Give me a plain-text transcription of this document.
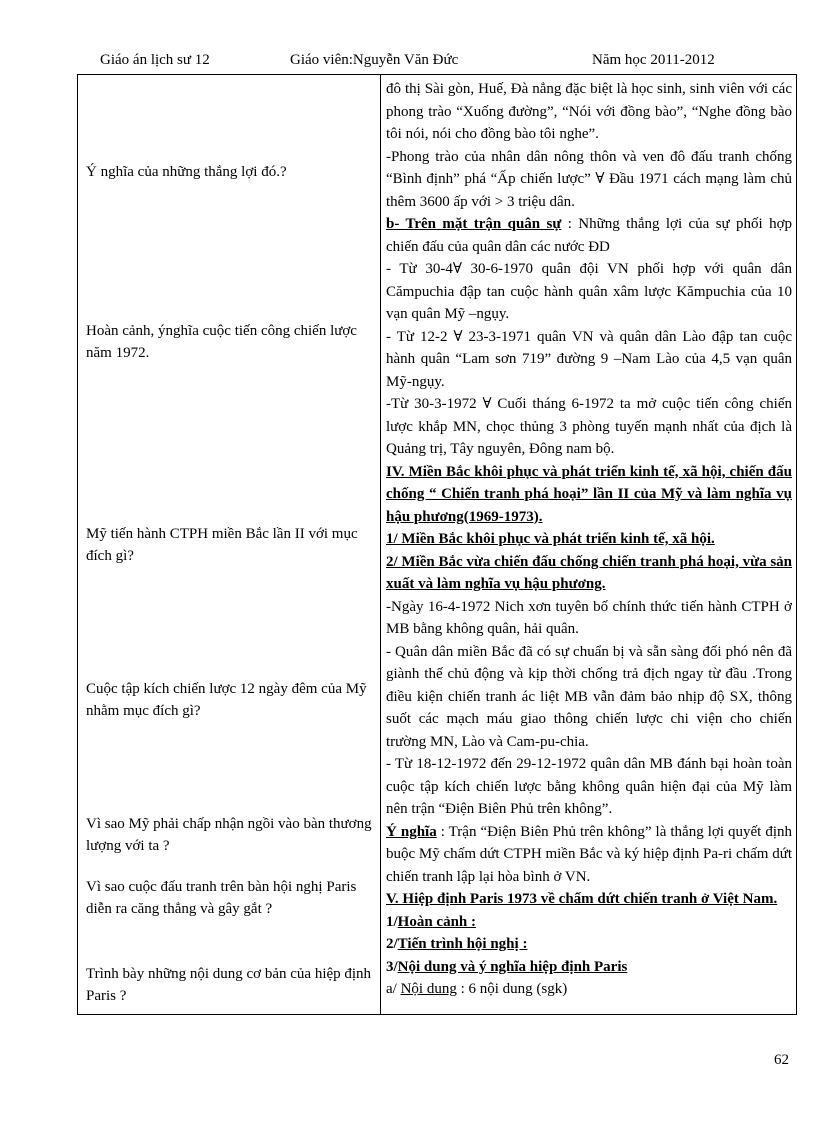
Giáo án lịch sư 12	Giáo viên:Nguyễn Văn Đức	Năm học 2011-2012
Ý nghĩa của những thắng lợi đó.?
Hoàn cảnh, ýnghĩa cuộc tiến công chiến lược năm 1972.
Mỹ tiến hành CTPH miền Bắc lần II với mục đích gì?
Cuộc tập kích chiến lược 12 ngày đêm của Mỹ nhằm mục đích gì?
Vì sao Mỹ phải chấp nhận ngồi vào bàn thương lượng với ta ?
Vì sao cuộc đấu tranh trên bàn hội nghị Paris diễn ra căng thẳng và gây gắt ?
Trình bày những nội dung cơ bản của hiệp định Paris ?

đô thị Sài gòn, Huế, Đà nẳng đặc biệt là học sinh, sinh viên với các phong trào “Xuống đường”, “Nói với đồng bào”, “Nghe đồng bào tôi nói, nói cho đồng bào tôi nghe”.

-Phong trào của nhân dân nông thôn và ven đô đấu tranh chống “Bình định” phá “Ấp chiến lược” ∀ Đầu 1971 cách mạng làm chủ thêm 3600 ấp với > 3 triệu dân.

b- Trên mặt trận quân sự : Những thắng lợi của sự phối hợp chiến đấu của quân dân các nước ĐD

- Từ 30-4∀ 30-6-1970 quân đội VN phối hợp với quân dân Cămpuchia đập tan cuộc hành quân xâm lược Kămpuchia của 10 vạn quân Mỹ –ngụy.

- Từ 12-2 ∀ 23-3-1971 quân VN và quân dân Lào đập tan cuộc hành quân “Lam sơn 719” đường 9 –Nam Lào của 4,5 vạn quân Mỹ-ngụy.

-Từ 30-3-1972 ∀ Cuối tháng 6-1972 ta mở cuộc tiến công chiến lược khắp MN, chọc thủng 3 phòng tuyến mạnh nhất của địch là Quảng trị, Tây nguyên, Đông nam bộ.

IV. Miền Bắc khôi phục và phát triển kinh tế, xã hội, chiến đấu chống “ Chiến tranh phá hoại” lần II của Mỹ và làm nghĩa vụ hậu phương(1969-1973).

1/ Miền Bắc khôi phục và phát triển kinh tế, xã hội.

2/ Miền Bắc vừa chiến đấu chống chiến tranh phá hoại, vừa sản xuất và làm nghĩa vụ hậu phương.

-Ngày 16-4-1972 Nich xơn tuyên bố chính thức tiến hành CTPH ở MB bằng không quân, hải quân.

- Quân dân miền Bắc đã có sự chuẩn bị và sẵn sàng đối phó nên đã giành thế chủ động và kịp thời chống trả địch ngay từ đầu .Trong điều kiện chiến tranh ác liệt MB vẫn đảm bảo nhịp độ SX, thông suốt các mạch máu giao thông chiến lược chi viện cho chiến trường MN, Lào và Cam-pu-chia.

- Từ 18-12-1972 đến 29-12-1972 quân dân MB đánh bại hoàn toàn cuộc tập kích chiến lược bằng không quân hiện đại của Mỹ làm nên trận “Điện Biên Phủ trên không”.

Ý nghĩa : Trận “Điện Biên Phủ trên không” là thắng lợi quyết định buộc Mỹ chấm dứt CTPH miền Bắc và ký hiệp định Pa-ri chấm dứt chiến tranh lập lại hòa bình ở VN.

V. Hiệp định Paris 1973 về chấm dứt chiến tranh ở Việt Nam.

1/Hoàn cảnh :

2/Tiến trình hội nghị :

3/Nội dung và ý nghĩa hiệp định Paris

a/ Nội dung : 6 nội dung (sgk)

62
